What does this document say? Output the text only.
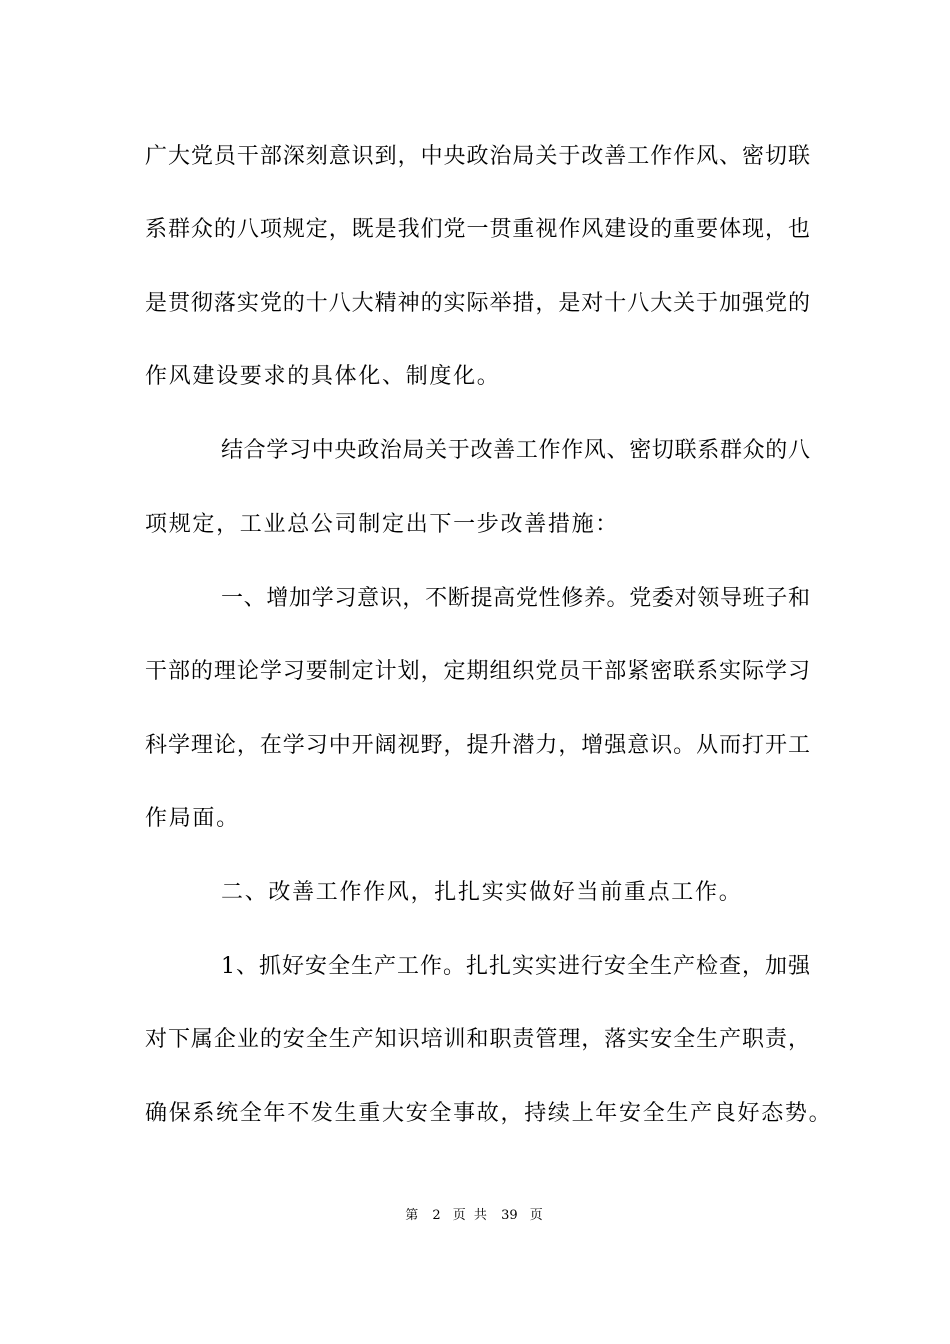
广大党员干部深刻意识到，中央政治局关于改善工作作风、密切联
系群众的八项规定，既是我们党一贯重视作风建设的重要体现，也
是贯彻落实党的十八大精神的实际举措，是对十八大关于加强党的
作风建设要求的具体化、制度化。
结合学习中央政治局关于改善工作作风、密切联系群众的八
项规定，工业总公司制定出下一步改善措施：
一、增加学习意识，不断提高党性修养。党委对领导班子和
干部的理论学习要制定计划，定期组织党员干部紧密联系实际学习
科学理论，在学习中开阔视野，提升潜力，增强意识。从而打开工
作局面。
二、改善工作作风，扎扎实实做好当前重点工作。
1、抓好安全生产工作。扎扎实实进行安全生产检查，加强
对下属企业的安全生产知识培训和职责管理，落实安全生产职责，
确保系统全年不发生重大安全事故，持续上年安全生产良好态势。
第 2 页 共 39 页
